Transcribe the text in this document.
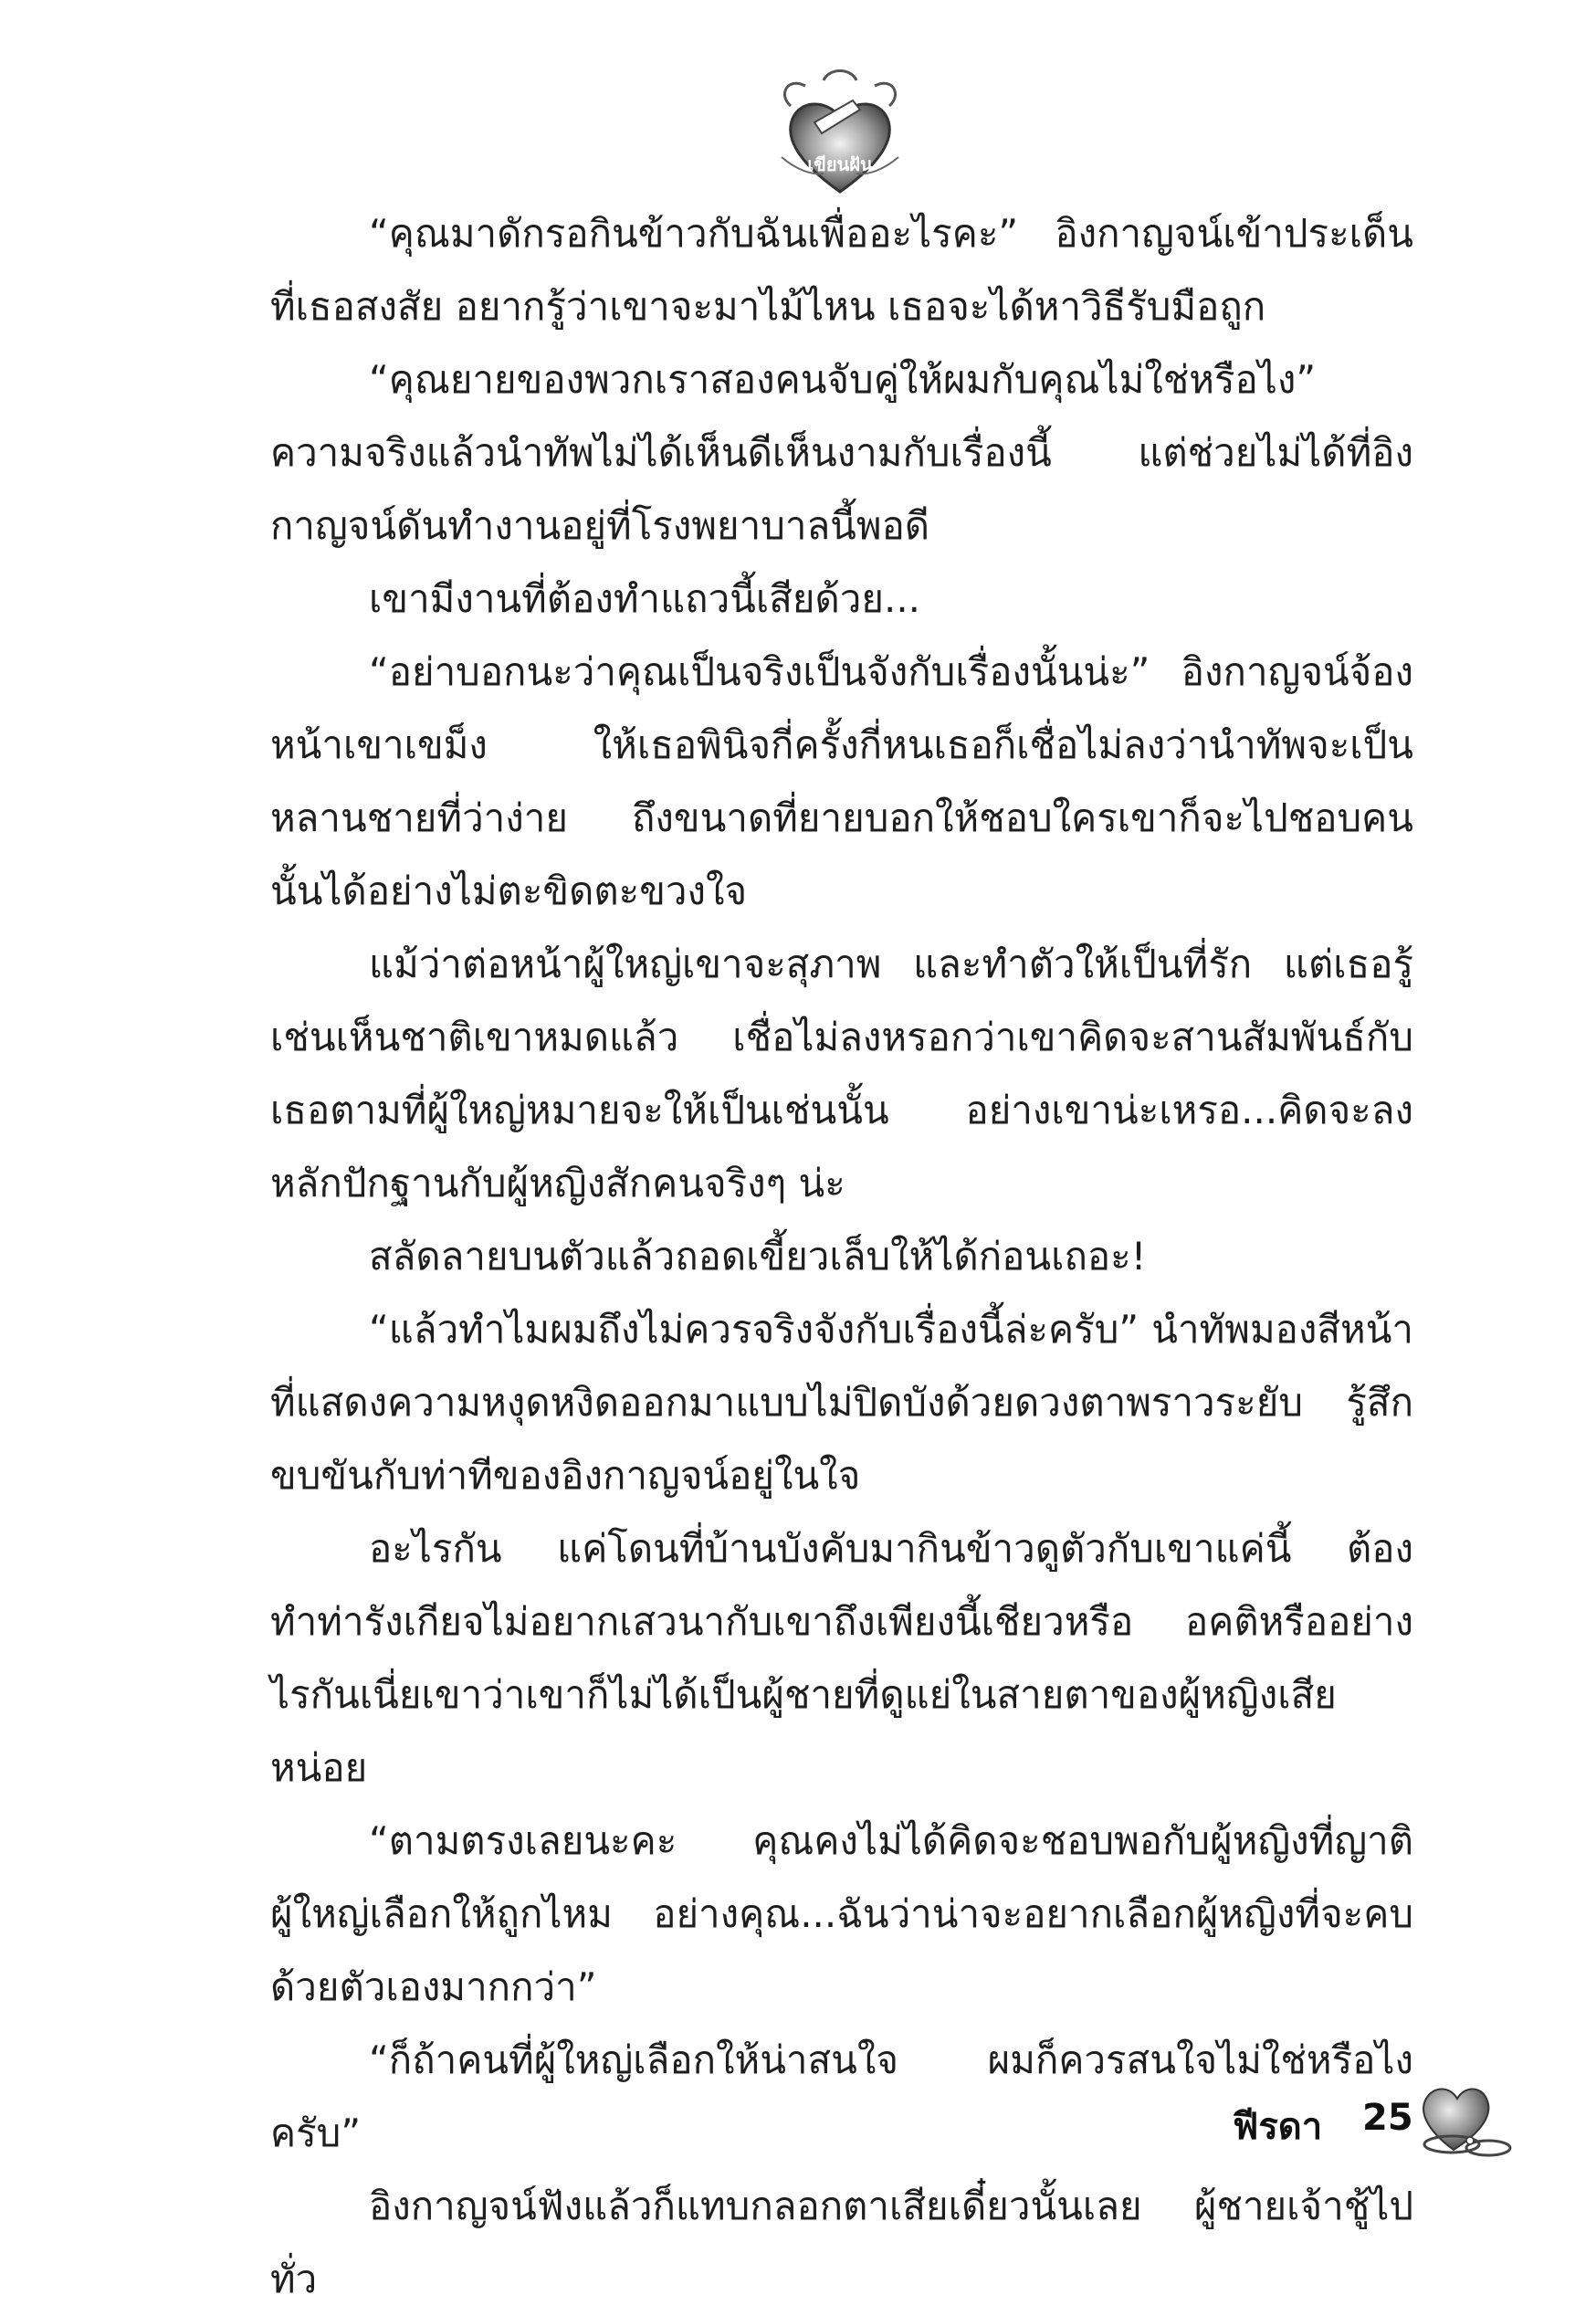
เขียนฝัน

“คุณมาดักรอกินข้าวกับฉันเพื่ออะไรคะ” อิงกาญจน์เข้าประเด็นที่เธอสงสัย อยากรู้ว่าเขาจะมาไม้ไหน เธอจะได้หาวิธีรับมือถูก

“คุณยายของพวกเราสองคนจับคู่ให้ผมกับคุณไม่ใช่หรือไง” ความจริงแล้วนำทัพไม่ได้เห็นดีเห็นงามกับเรื่องนี้ แต่ช่วยไม่ได้ที่อิงกาญจน์ดันทำงานอยู่ที่โรงพยาบาลนี้พอดี

เขามีงานที่ต้องทำแถวนี้เสียด้วย...

“อย่าบอกนะว่าคุณเป็นจริงเป็นจังกับเรื่องนั้นน่ะ” อิงกาญจน์จ้องหน้าเขาเขม็ง ให้เธอพินิจกี่ครั้งกี่หนเธอก็เชื่อไม่ลงว่านำทัพจะเป็นหลานชายที่ว่าง่าย ถึงขนาดที่ยายบอกให้ชอบใครเขาก็จะไปชอบคนนั้นได้อย่างไม่ตะขิดตะขวงใจ

แม้ว่าต่อหน้าผู้ใหญ่เขาจะสุภาพ และทำตัวให้เป็นที่รัก แต่เธอรู้เช่นเห็นชาติเขาหมดแล้ว เชื่อไม่ลงหรอกว่าเขาคิดจะสานสัมพันธ์กับเธอตามที่ผู้ใหญ่หมายจะให้เป็นเช่นนั้น อย่างเขาน่ะเหรอ...คิดจะลงหลักปักฐานกับผู้หญิงสักคนจริงๆ น่ะ

สลัดลายบนตัวแล้วถอดเขี้ยวเล็บให้ได้ก่อนเถอะ!

“แล้วทำไมผมถึงไม่ควรจริงจังกับเรื่องนี้ล่ะครับ” นำทัพมองสีหน้าที่แสดงความหงุดหงิดออกมาแบบไม่ปิดบังด้วยดวงตาพราวระยับ รู้สึกขบขันกับท่าทีของอิงกาญจน์อยู่ในใจ

อะไรกัน แค่โดนที่บ้านบังคับมากินข้าวดูตัวกับเขาแค่นี้ ต้องทำท่ารังเกียจไม่อยากเสวนากับเขาถึงเพียงนี้เชียวหรือ อคติหรืออย่างไรกันเนี่ยเขาว่าเขาก็ไม่ได้เป็นผู้ชายที่ดูแย่ในสายตาของผู้หญิงเสียหน่อย

“ตามตรงเลยนะคะ คุณคงไม่ได้คิดจะชอบพอกับผู้หญิงที่ญาติผู้ใหญ่เลือกให้ถูกไหม อย่างคุณ...ฉันว่าน่าจะอยากเลือกผู้หญิงที่จะคบด้วยตัวเองมากกว่า”

“ก็ถ้าคนที่ผู้ใหญ่เลือกให้น่าสนใจ ผมก็ควรสนใจไม่ใช่หรือไงครับ”

อิงกาญจน์ฟังแล้วก็แทบกลอกตาเสียเดี๋ยวนั้นเลย ผู้ชายเจ้าชู้ไปทั่ว

ฟีรดา 25
